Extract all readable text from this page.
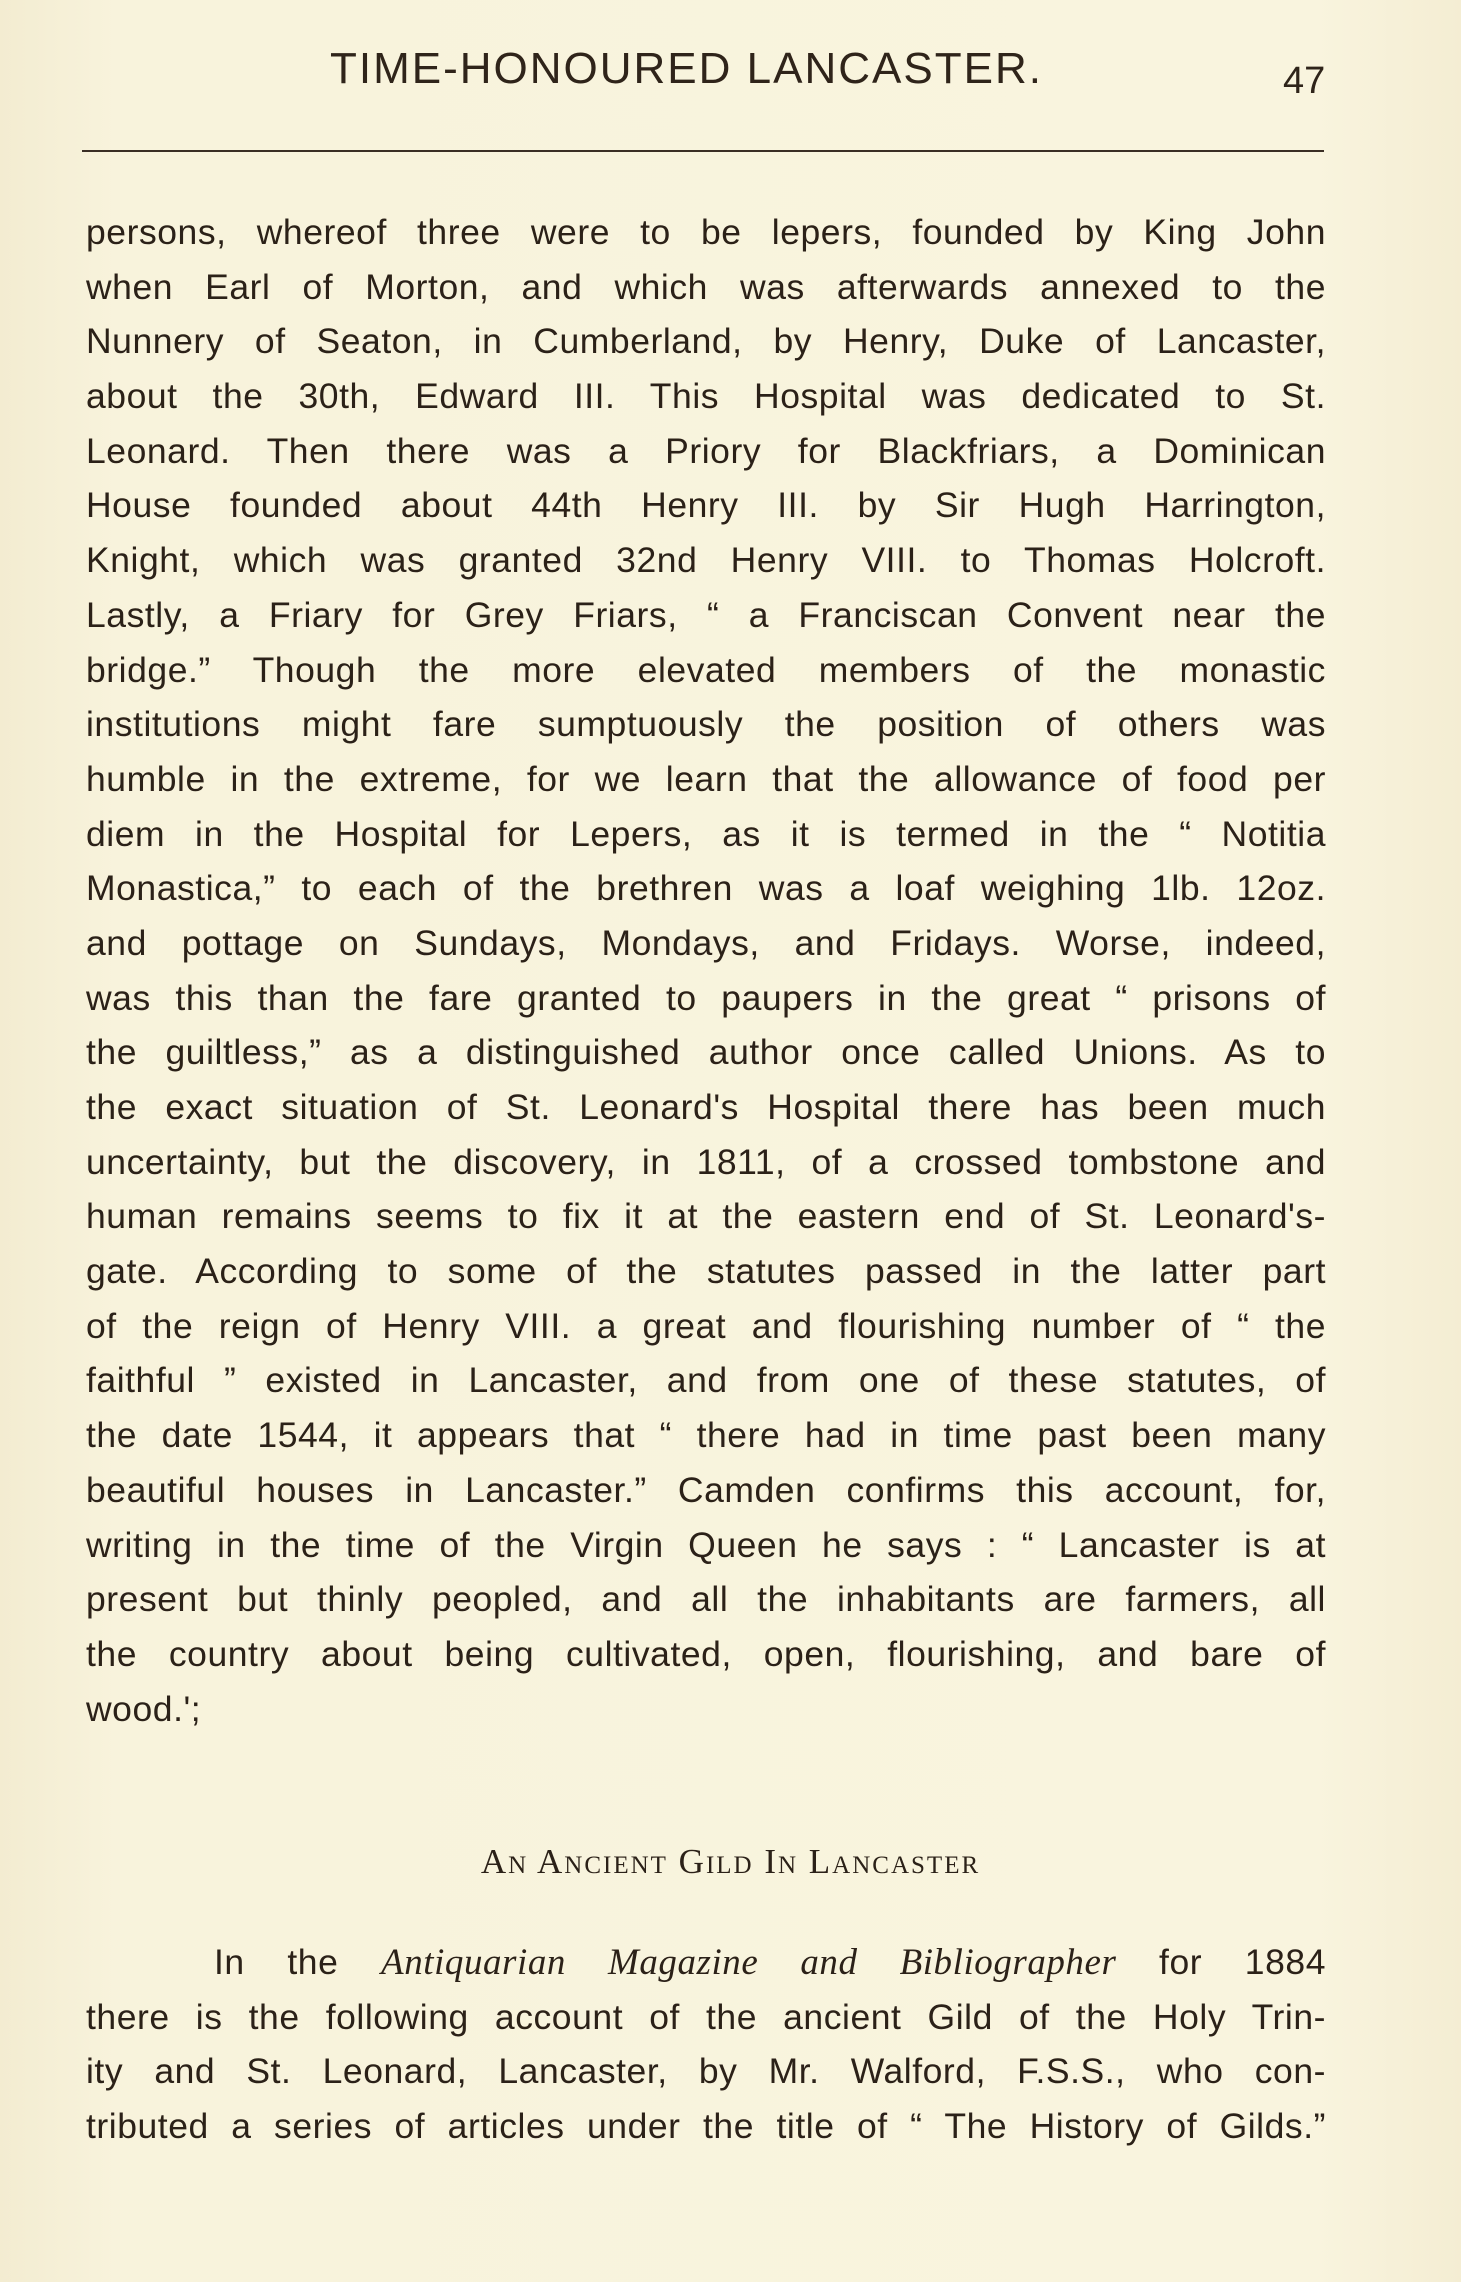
TIME-HONOURED LANCASTER.	47
persons, whereof three were to be lepers, founded by King John
when Earl of Morton, and which was afterwards annexed to the
Nunnery of Seaton, in Cumberland, by Henry, Duke of Lancaster,
about the 30th, Edward III. This Hospital was dedicated to St.
Leonard. Then there was a Priory for Blackfriars, a Dominican
House founded about 44th Henry III. by Sir Hugh Harrington,
Knight, which was granted 32nd Henry VIII. to Thomas Holcroft.
Lastly, a Friary for Grey Friars, “ a Franciscan Convent near the
bridge.” Though the more elevated members of the monastic
institutions might fare sumptuously the position of others was
humble in the extreme, for we learn that the allowance of food per
diem in the Hospital for Lepers, as it is termed in the “ Notitia
Monastica,” to each of the brethren was a loaf weighing 1lb. 12oz.
and pottage on Sundays, Mondays, and Fridays. Worse, indeed,
was this than the fare granted to paupers in the great “ prisons of
the guiltless,” as a distinguished author once called Unions. As to
the exact situation of St. Leonard's Hospital there has been much
uncertainty, but the discovery, in 1811, of a crossed tombstone and
human remains seems to fix it at the eastern end of St. Leonard's-
gate. According to some of the statutes passed in the latter part
of the reign of Henry VIII. a great and flourishing number of “ the
faithful ” existed in Lancaster, and from one of these statutes, of
the date 1544, it appears that “ there had in time past been many
beautiful houses in Lancaster.” Camden confirms this account, for,
writing in the time of the Virgin Queen he says : “ Lancaster is at
present but thinly peopled, and all the inhabitants are farmers, all
the country about being cultivated, open, flourishing, and bare of
wood.';
An Ancient Gild In Lancaster
In the Antiquarian Magazine and Bibliographer for 1884
there is the following account of the ancient Gild of the Holy Trin-
ity and St. Leonard, Lancaster, by Mr. Walford, F.S.S., who con-
tributed a series of articles under the title of “ The History of Gilds.”
